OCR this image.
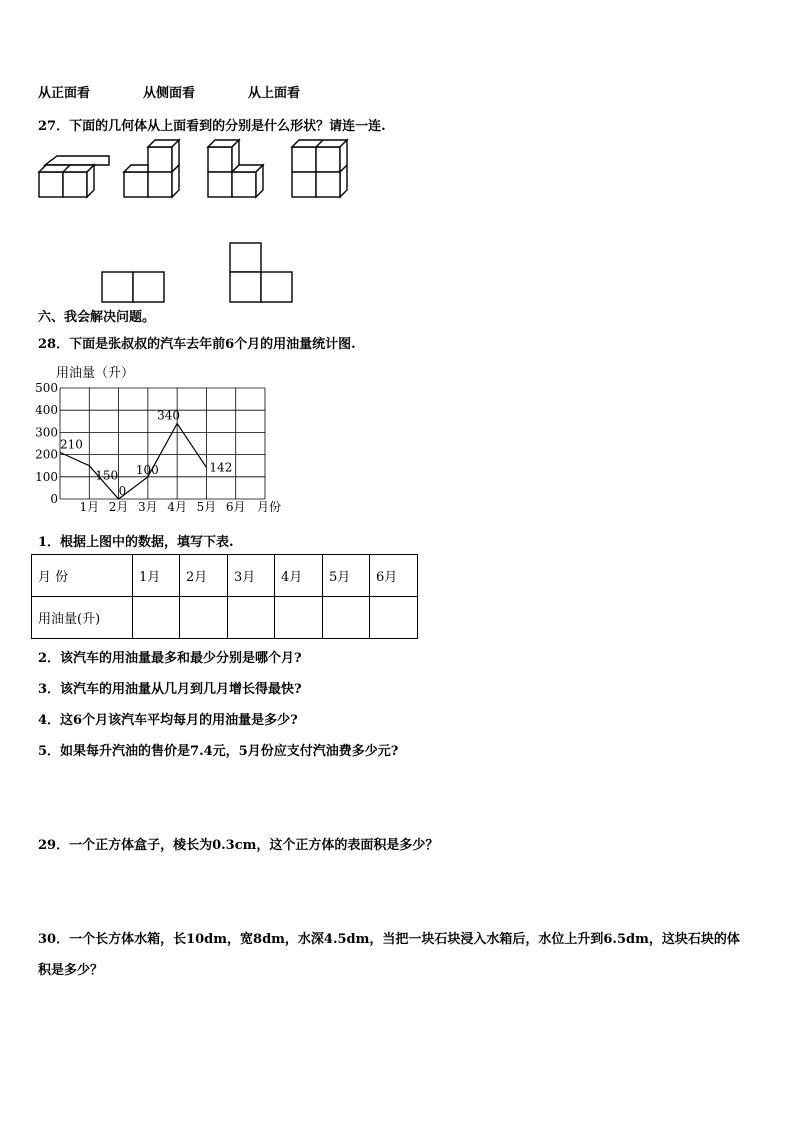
从正面看	从侧面看	从上面看
27．下面的几何体从上面看到的分别是什么形状？请连一连.
六、我会解决问题。
28．下面是张叔叔的汽车去年前6个月的用油量统计图.
用油量（升）
0
100
200
300
400
500
1月 2月 3月 4月 5月 6月
210
150
0
100
340
142
月份
1．根据上图中的数据，填写下表.
月 份	1月	2月	3月	4月	5月	6月
用油量(升)						
2．该汽车的用油量最多和最少分别是哪个月?
3．该汽车的用油量从几月到几月增长得最快?
4．这6个月该汽车平均每月的用油量是多少?
5．如果每升汽油的售价是7.4元，5月份应支付汽油费多少元?
29．一个正方体盒子，棱长为0.3cm，这个正方体的表面积是多少？
30．一个长方体水箱，长10dm，宽8dm，水深4.5dm，当把一块石块浸入水箱后，水位上升到6.5dm，这块石块的体
积是多少？
